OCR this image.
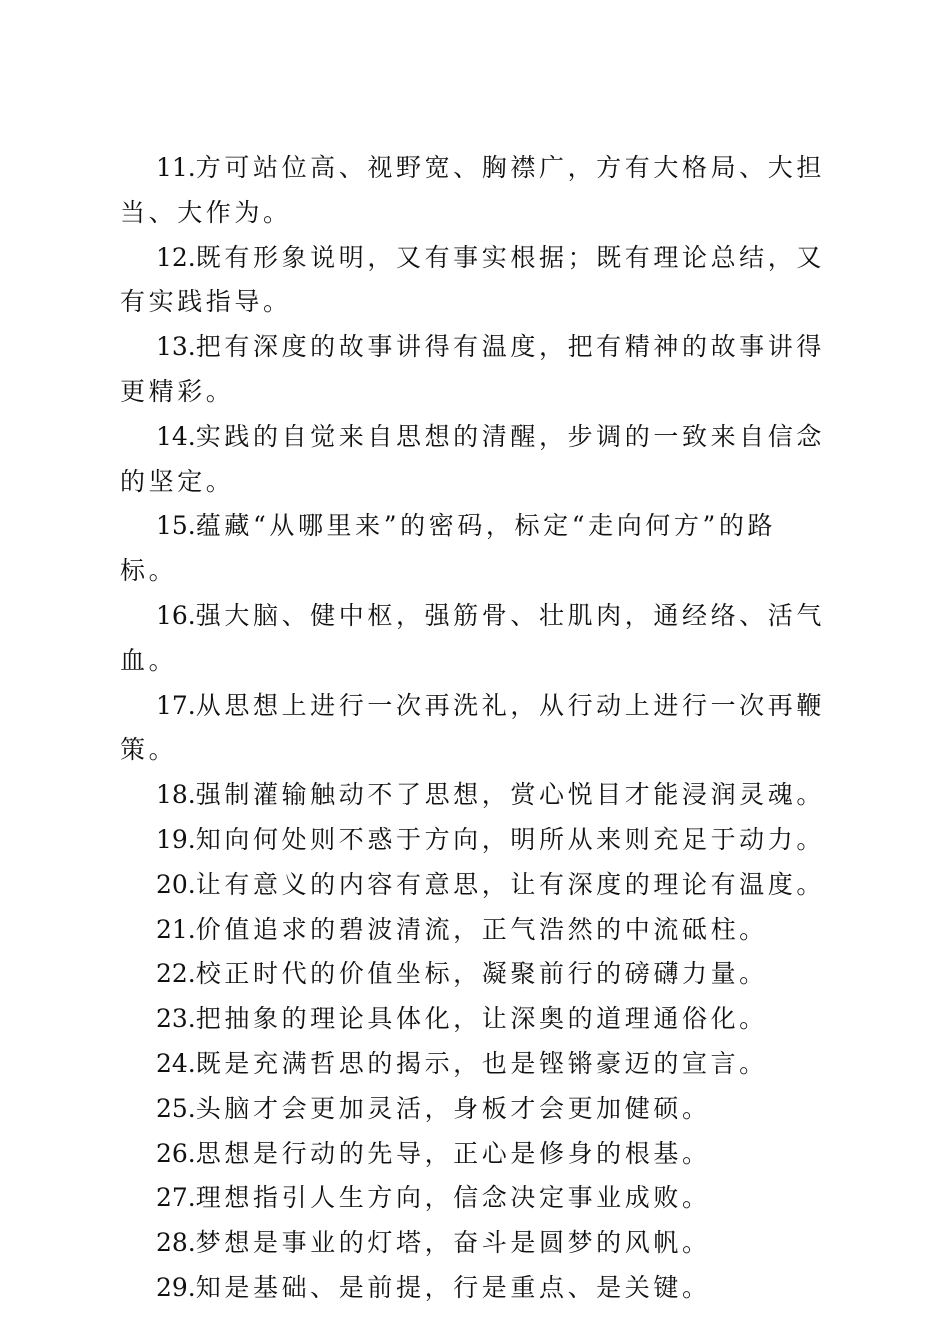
11.方可站位高、视野宽、胸襟广，方有大格局、大担当、大作为。

12.既有形象说明，又有事实根据；既有理论总结，又有实践指导。

13.把有深度的故事讲得有温度，把有精神的故事讲得更精彩。

14.实践的自觉来自思想的清醒，步调的一致来自信念的坚定。

15.蕴藏“从哪里来”的密码，标定“走向何方”的路标。

16.强大脑、健中枢，强筋骨、壮肌肉，通经络、活气血。

17.从思想上进行一次再洗礼，从行动上进行一次再鞭策。

18.强制灌输触动不了思想，赏心悦目才能浸润灵魂。

19.知向何处则不惑于方向，明所从来则充足于动力。

20.让有意义的内容有意思，让有深度的理论有温度。

21.价值追求的碧波清流，正气浩然的中流砥柱。

22.校正时代的价值坐标，凝聚前行的磅礴力量。

23.把抽象的理论具体化，让深奥的道理通俗化。

24.既是充满哲思的揭示，也是铿锵豪迈的宣言。

25.头脑才会更加灵活，身板才会更加健硕。

26.思想是行动的先导，正心是修身的根基。

27.理想指引人生方向，信念决定事业成败。

28.梦想是事业的灯塔，奋斗是圆梦的风帆。

29.知是基础、是前提，行是重点、是关键。
